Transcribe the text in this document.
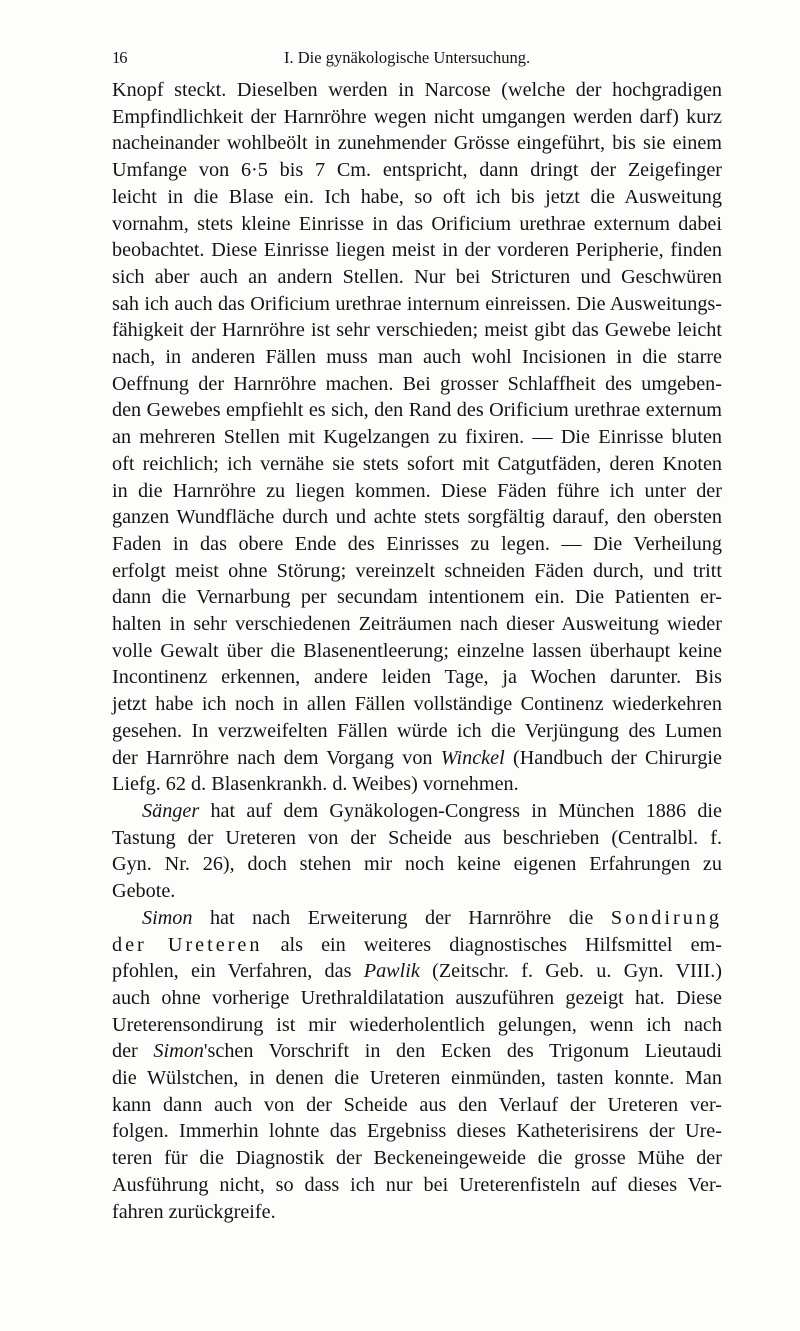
16	I. Die gynäkologische Untersuchung.
Knopf steckt. Dieselben werden in Narcose (welche der hochgradigen
Empfindlichkeit der Harnröhre wegen nicht umgangen werden darf) kurz
nacheinander wohlbeölt in zunehmender Grösse eingeführt, bis sie einem
Umfange von 6·5 bis 7 Cm. entspricht, dann dringt der Zeigefinger
leicht in die Blase ein. Ich habe, so oft ich bis jetzt die Ausweitung
vornahm, stets kleine Einrisse in das Orificium urethrae externum dabei
beobachtet. Diese Einrisse liegen meist in der vorderen Peripherie, finden
sich aber auch an andern Stellen. Nur bei Stricturen und Geschwüren
sah ich auch das Orificium urethrae internum einreissen. Die Ausweitungs-
fähigkeit der Harnröhre ist sehr verschieden; meist gibt das Gewebe leicht
nach, in anderen Fällen muss man auch wohl Incisionen in die starre
Oeffnung der Harnröhre machen. Bei grosser Schlaffheit des umgeben-
den Gewebes empfiehlt es sich, den Rand des Orificium urethrae externum
an mehreren Stellen mit Kugelzangen zu fixiren. — Die Einrisse bluten
oft reichlich; ich vernähe sie stets sofort mit Catgutfäden, deren Knoten
in die Harnröhre zu liegen kommen. Diese Fäden führe ich unter der
ganzen Wundfläche durch und achte stets sorgfältig darauf, den obersten
Faden in das obere Ende des Einrisses zu legen. — Die Verheilung
erfolgt meist ohne Störung; vereinzelt schneiden Fäden durch, und tritt
dann die Vernarbung per secundam intentionem ein. Die Patienten er-
halten in sehr verschiedenen Zeiträumen nach dieser Ausweitung wieder
volle Gewalt über die Blasenentleerung; einzelne lassen überhaupt keine
Incontinenz erkennen, andere leiden Tage, ja Wochen darunter. Bis
jetzt habe ich noch in allen Fällen vollständige Continenz wiederkehren
gesehen. In verzweifelten Fällen würde ich die Verjüngung des Lumen
der Harnröhre nach dem Vorgang von Winckel (Handbuch der Chirurgie
Liefg. 62 d. Blasenkrankh. d. Weibes) vornehmen.
Sänger hat auf dem Gynäkologen-Congress in München 1886 die
Tastung der Ureteren von der Scheide aus beschrieben (Centralbl. f.
Gyn. Nr. 26), doch stehen mir noch keine eigenen Erfahrungen zu
Gebote.
Simon hat nach Erweiterung der Harnröhre die Sondirung
der Ureteren als ein weiteres diagnostisches Hilfsmittel em-
pfohlen, ein Verfahren, das Pawlik (Zeitschr. f. Geb. u. Gyn. VIII.)
auch ohne vorherige Urethraldilatation auszuführen gezeigt hat. Diese
Ureterensondirung ist mir wiederholentlich gelungen, wenn ich nach
der Simon'schen Vorschrift in den Ecken des Trigonum Lieutaudi
die Wülstchen, in denen die Ureteren einmünden, tasten konnte. Man
kann dann auch von der Scheide aus den Verlauf der Ureteren ver-
folgen. Immerhin lohnte das Ergebniss dieses Katheterisirens der Ure-
teren für die Diagnostik der Beckeneingeweide die grosse Mühe der
Ausführung nicht, so dass ich nur bei Ureterenfisteln auf dieses Ver-
fahren zurückgreife.
